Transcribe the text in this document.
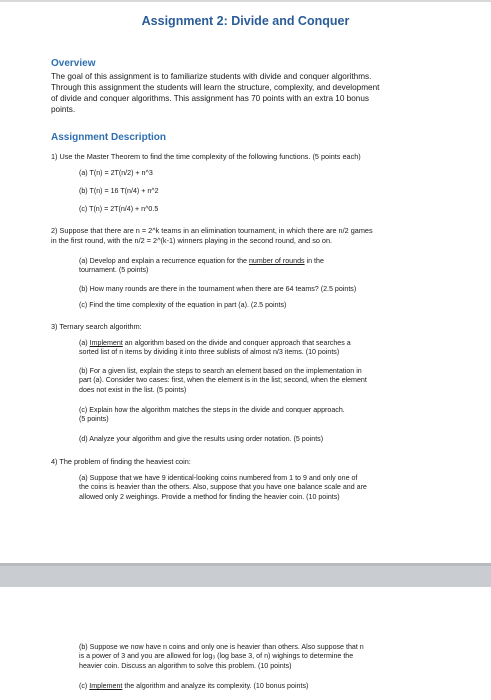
Assignment 2: Divide and Conquer
Overview
The goal of this assignment is to familiarize students with divide and conquer algorithms.
Through this assignment the students will learn the structure, complexity, and development
of divide and conquer algorithms. This assignment has 70 points with an extra 10 bonus
points.
Assignment Description
1) Use the Master Theorem to find the time complexity of the following functions. (5 points each)
(a) T(n) = 2T(n/2) + n^3
(b) T(n) = 16 T(n/4) + n^2
(c) T(n) = 2T(n/4) + n^0.5
2) Suppose that there are n = 2^k teams in an elimination tournament, in which there are n/2 games
in the first round, with the n/2 = 2^(k-1) winners playing in the second round, and so on.
(a) Develop and explain a recurrence equation for the number of rounds in the
tournament. (5 points)
(b) How many rounds are there in the tournament when there are 64 teams? (2.5 points)
(c) Find the time complexity of the equation in part (a). (2.5 points)
3) Ternary search algorithm:
(a) Implement an algorithm based on the divide and conquer approach that searches a
sorted list of n items by dividing it into three sublists of almost n/3 items. (10 points)
(b) For a given list, explain the steps to search an element based on the implementation in
part (a). Consider two cases: first, when the element is in the list; second, when the element
does not exist in the list. (5 points)
(c) Explain how the algorithm matches the steps in the divide and conquer approach.
(5 points)
(d) Analyze your algorithm and give the results using order notation. (5 points)
4) The problem of finding the heaviest coin:
(a) Suppose that we have 9 identical-looking coins numbered from 1 to 9 and only one of
the coins is heavier than the others. Also, suppose that you have one balance scale and are
allowed only 2 weighings. Provide a method for finding the heavier coin. (10 points)
(b) Suppose we now have n coins and only one is heavier than others. Also suppose that n
is a power of 3 and you are allowed for log₃ (log base 3, of n) wighings to determine the
heavier coin. Discuss an algorithm to solve this problem. (10 points)
(c) Implement the algorithm and analyze its complexity. (10 bonus points)
